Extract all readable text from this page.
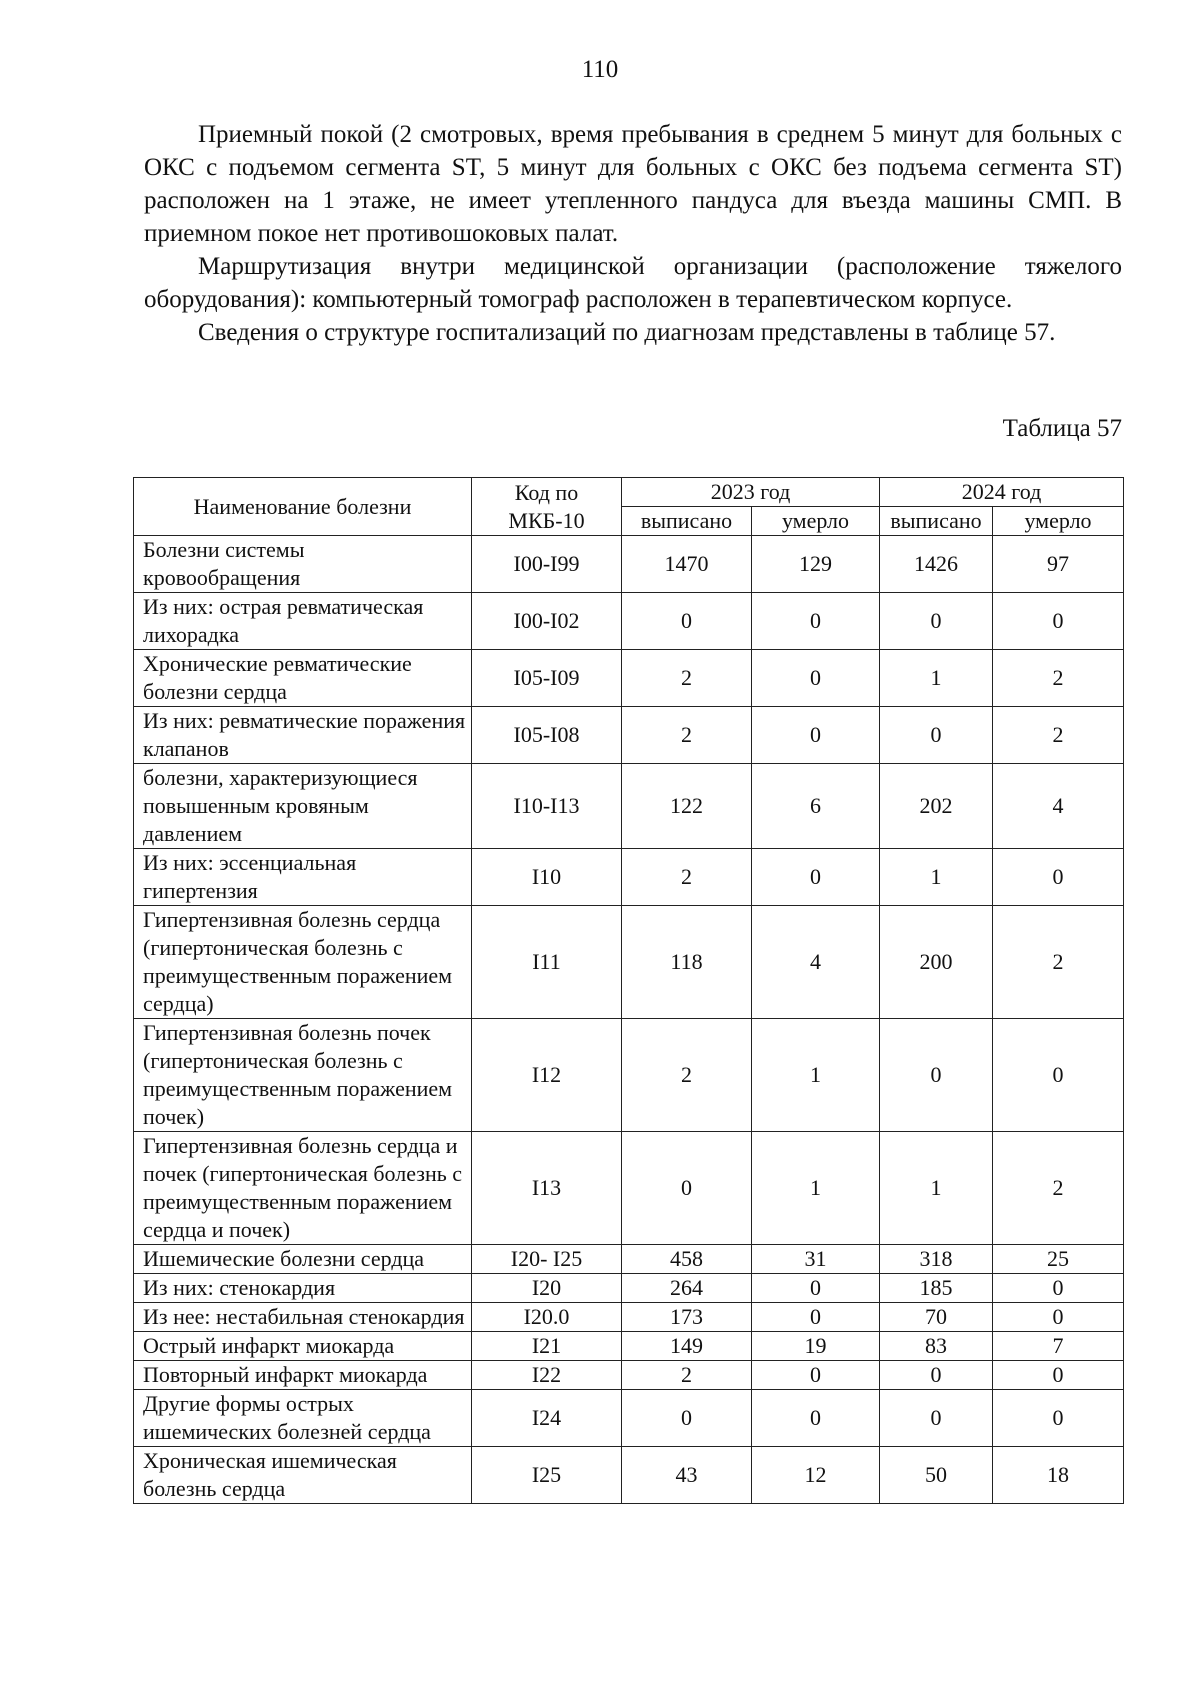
110

Приемный покой (2 смотровых, время пребывания в среднем 5 минут для больных с ОКС с подъемом сегмента ST, 5 минут для больных с ОКС без подъема сегмента ST) расположен на 1 этаже, не имеет утепленного пандуса для въезда машины СМП. В приемном покое нет противошоковых палат.

Маршрутизация внутри медицинской организации (расположение тяжелого оборудования): компьютерный томограф расположен в терапевтическом корпусе.

Сведения о структуре госпитализаций по диагнозам представлены в таблице 57.

Таблица 57
Наименование болезни	Код по МКБ-10	2023 год		2024 год	
		выписано	умерло	выписано	умерло
Болезни системы кровообращения	I00-I99	1470	129	1426	97
Из них: острая ревматическая лихорадка	I00-I02	0	0	0	0
Хронические ревматические болезни сердца	I05-I09	2	0	1	2
Из них: ревматические поражения клапанов	I05-I08	2	0	0	2
болезни, характеризующиеся повышенным кровяным давлением	I10-I13	122	6	202	4
Из них: эссенциальная гипертензия	I10	2	0	1	0
Гипертензивная болезнь сердца (гипертоническая болезнь с преимущественным поражением сердца)	I11	118	4	200	2
Гипертензивная болезнь почек (гипертоническая болезнь с преимущественным поражением почек)	I12	2	1	0	0
Гипертензивная болезнь сердца и почек (гипертоническая болезнь с преимущественным поражением сердца и почек)	I13	0	1	1	2
Ишемические болезни сердца	I20- I25	458	31	318	25
Из них: стенокардия	I20	264	0	185	0
Из нее: нестабильная стенокардия	I20.0	173	0	70	0
Острый инфаркт миокарда	I21	149	19	83	7
Повторный инфаркт миокарда	I22	2	0	0	0
Другие формы острых ишемических болезней сердца	I24	0	0	0	0
Хроническая ишемическая болезнь сердца	I25	43	12	50	18
